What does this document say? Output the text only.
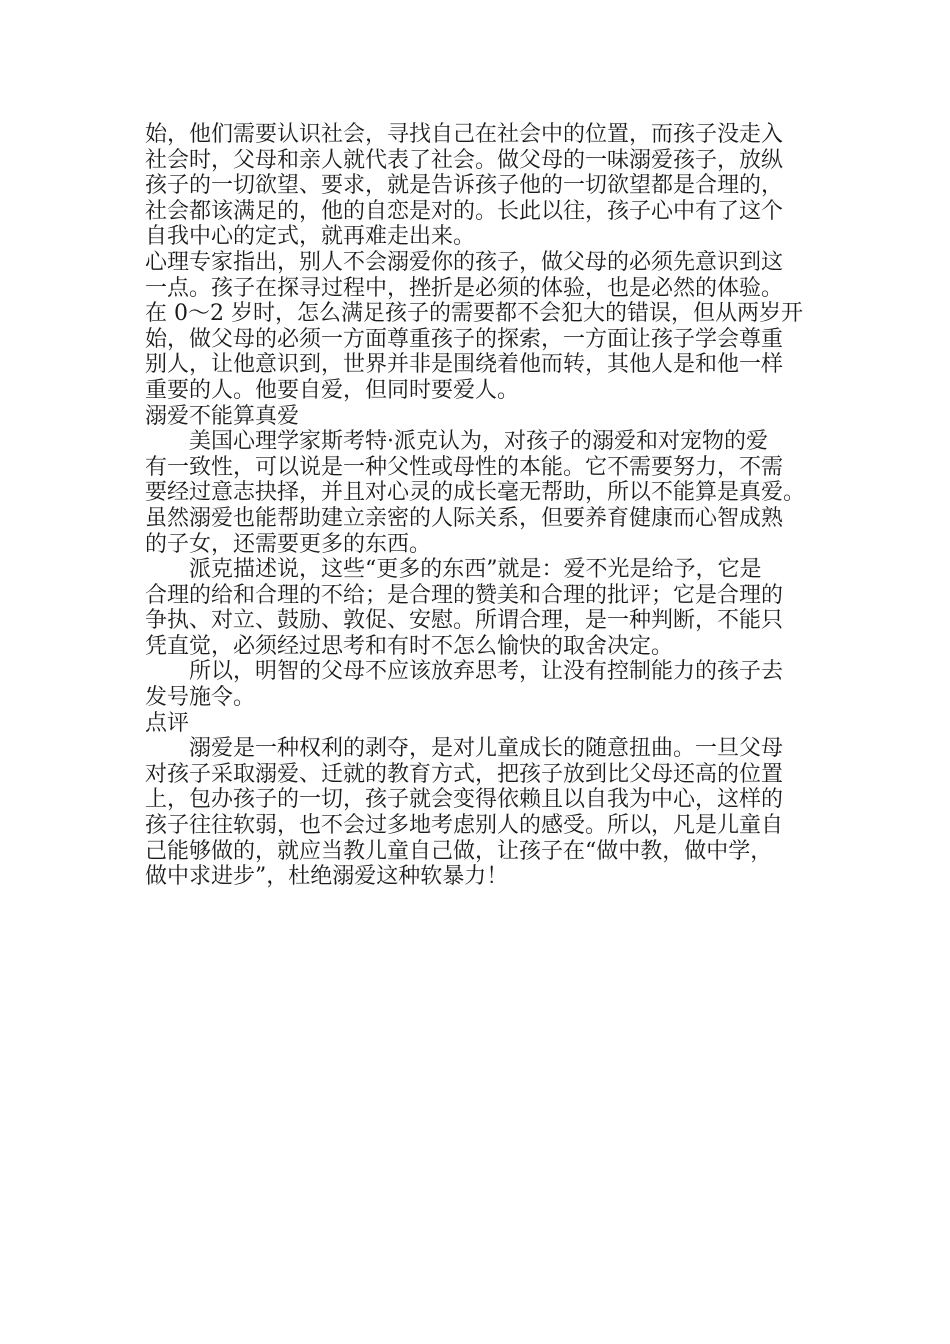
始，他们需要认识社会，寻找自己在社会中的位置，而孩子没走入
社会时，父母和亲人就代表了社会。做父母的一味溺爱孩子，放纵
孩子的一切欲望、要求，就是告诉孩子他的一切欲望都是合理的，
社会都该满足的，他的自恋是对的。长此以往，孩子心中有了这个
自我中心的定式，就再难走出来。
心理专家指出，别人不会溺爱你的孩子，做父母的必须先意识到这
一点。孩子在探寻过程中，挫折是必须的体验，也是必然的体验。
在 0～2 岁时，怎么满足孩子的需要都不会犯大的错误，但从两岁开
始，做父母的必须一方面尊重孩子的探索，一方面让孩子学会尊重
别人，让他意识到，世界并非是围绕着他而转，其他人是和他一样
重要的人。他要自爱，但同时要爱人。
溺爱不能算真爱
　　美国心理学家斯考特·派克认为，对孩子的溺爱和对宠物的爱
有一致性，可以说是一种父性或母性的本能。它不需要努力，不需
要经过意志抉择，并且对心灵的成长毫无帮助，所以不能算是真爱。
虽然溺爱也能帮助建立亲密的人际关系，但要养育健康而心智成熟
的子女，还需要更多的东西。
　　派克描述说，这些“更多的东西”就是：爱不光是给予，它是
合理的给和合理的不给；是合理的赞美和合理的批评；它是合理的
争执、对立、鼓励、敦促、安慰。所谓合理，是一种判断，不能只
凭直觉，必须经过思考和有时不怎么愉快的取舍决定。
　　所以，明智的父母不应该放弃思考，让没有控制能力的孩子去
发号施令。
点评
　　溺爱是一种权利的剥夺，是对儿童成长的随意扭曲。一旦父母
对孩子采取溺爱、迁就的教育方式，把孩子放到比父母还高的位置
上，包办孩子的一切，孩子就会变得依赖且以自我为中心，这样的
孩子往往软弱，也不会过多地考虑别人的感受。所以，凡是儿童自
己能够做的，就应当教儿童自己做，让孩子在“做中教，做中学，
做中求进步”，杜绝溺爱这种软暴力！
